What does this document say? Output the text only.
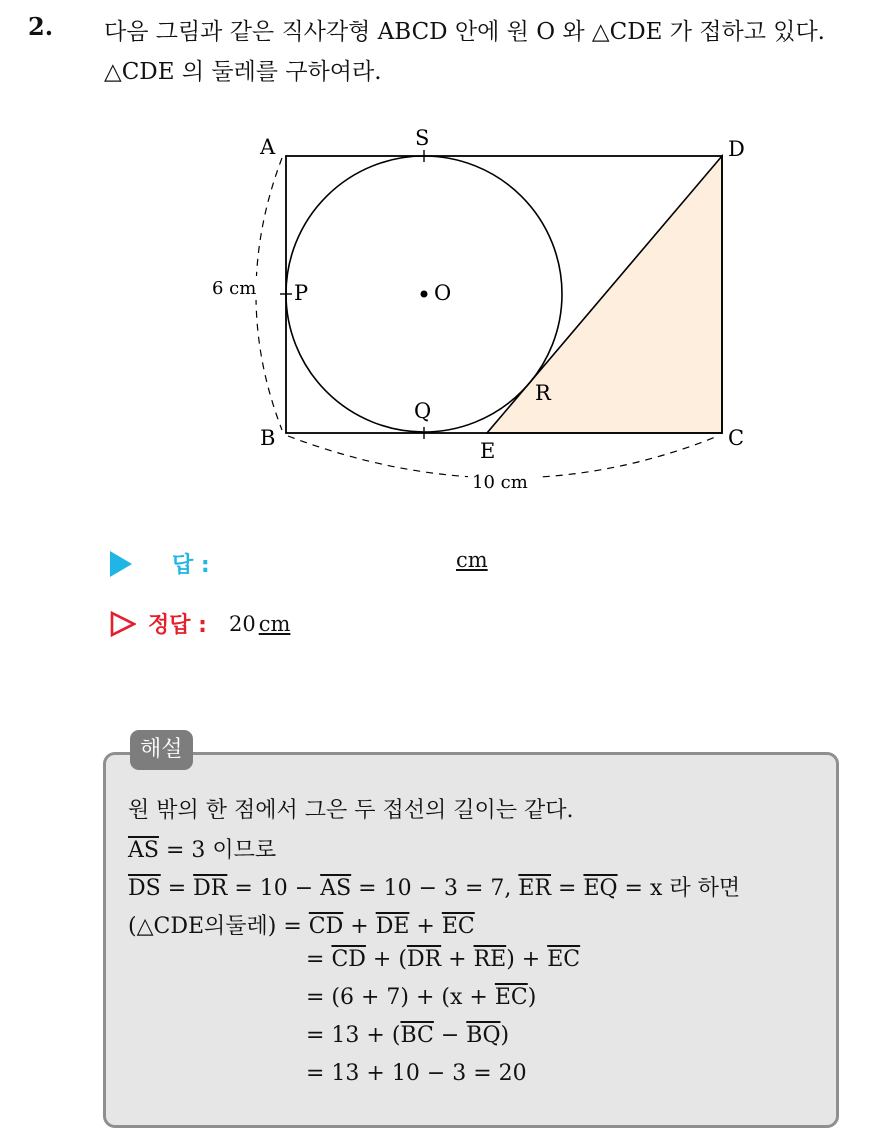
2. 다음 그림과 같은 직사각형 ABCD 안에 원 O 와 △CDE 가 접하고 있다. △CDE 의 둘레를 구하여라.
A	D
B	C
S
P	O
Q
R
E
6 cm
10 cm
답 :	cm
정답 : 20 cm
원 밖의 한 점에서 그은 두 접선의 길이는 같다.
$\overline{AS} = 3$ 이므로
$\overline{DS} = \overline{DR} = 10 - \overline{AS} = 10 - 3 = 7$, $\overline{ER} = \overline{EQ} = x$ 라 하면
(△CDE의둘레) = $\overline{CD} + \overline{DE} + \overline{EC}$
= $\overline{CD} + (\overline{DR} + \overline{RE}) + \overline{EC}$
= $(6 + 7) + (x + \overline{EC})$
= $13 + (\overline{BC} - \overline{BQ})$
= 13 + 10 − 3 = 20
해설
